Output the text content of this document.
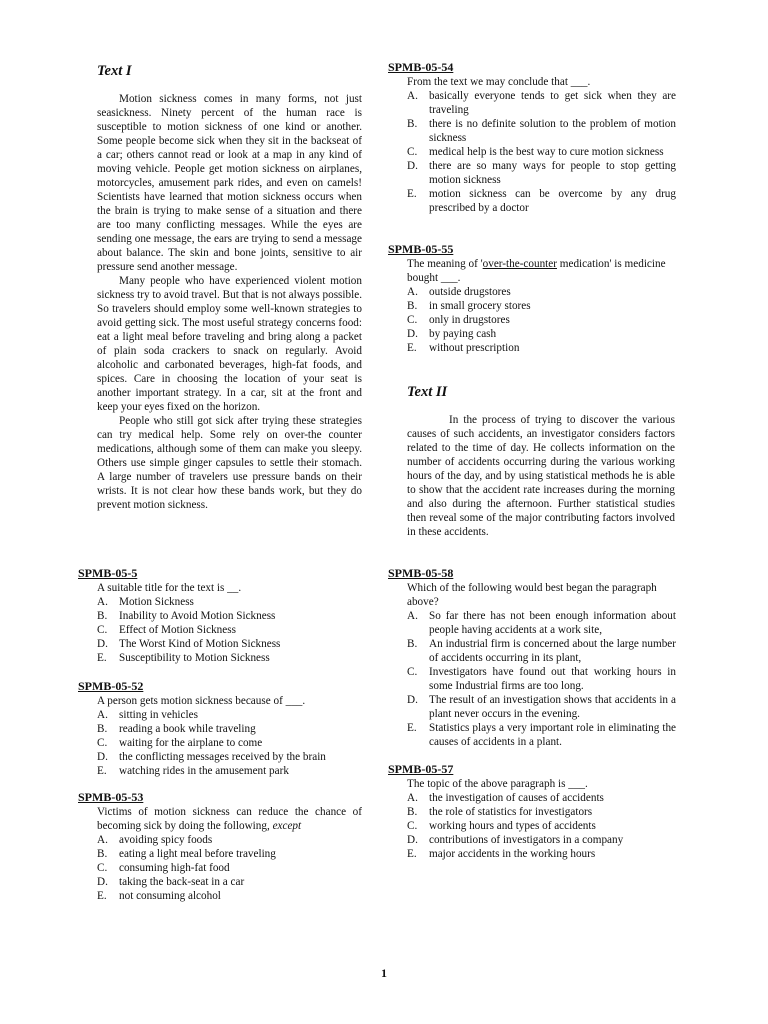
Text I

Motion sickness comes in many forms, not just seasickness. Ninety percent of the human race is susceptible to motion sickness of one kind or another. Some people become sick when they sit in the backseat of a car; others cannot read or look at a map in any kind of moving vehicle. People get motion sickness on airplanes, motorcycles, amusement park rides, and even on camels! Scientists have learned that motion sickness occurs when the brain is trying to make sense of a situation and there are too many conflicting messages. While the eyes are sending one message, the ears are trying to send a message about balance. The skin and bone joints, sensitive to air pressure send another message.

Many people who have experienced violent motion sickness try to avoid travel. But that is not always possible. So travelers should employ some well-known strategies to avoid getting sick. The most useful strategy concerns food: eat a light meal before traveling and bring along a packet of plain soda crackers to snack on regularly. Avoid alcoholic and carbonated beverages, high-fat foods, and spices. Care in choosing the location of your seat is another important strategy. In a car, sit at the front and keep your eyes fixed on the horizon.

People who still got sick after trying these strategies can try medical help. Some rely on over-the counter medications, although some of them can make you sleepy. Others use simple ginger capsules to settle their stomach. A large number of travelers use pressure bands on their wrists. It is not clear how these bands work, but they do prevent motion sickness.

SPMB-05-5
A suitable title for the text is __.
A. Motion Sickness
B.	Inability to Avoid Motion Sickness
C.	Effect of Motion Sickness
D. The Worst Kind of Motion Sickness
E.	Susceptibility to Motion Sickness
SPMB-05-52
A person gets motion sickness because of ___.
A. sitting in vehicles
B.	reading a book while traveling
C.	waiting for the airplane to come
D. the conflicting messages received by the brain
E.	watching rides in the amusement park
SPMB-05-53
Victims of motion sickness can reduce the chance of becoming sick by doing the following, except
A. avoiding spicy foods
B.	eating a light meal before traveling
C.	consuming high-fat food
D. taking the back-seat in a car
E.	not consuming alcohol
SPMB-05-54
From the text we may conclude that ___.
A. basically everyone tends to get sick when they are traveling
B.	there is no definite solution to the problem of motion sickness
C.	medical help is the best way to cure motion sickness
D. there are so many ways for people to stop getting motion sickness
E.	motion sickness can be overcome by any drug prescribed by a doctor
SPMB-05-55
The meaning of 'over-the-counter medication' is medicine bought ___.
A. outside drugstores
B.	in small grocery stores
C.	only in drugstores
D. by paying cash
E.	without prescription
Text II

In the process of trying to discover the various causes of such accidents, an investigator considers factors related to the time of day. He collects information on the number of accidents occurring during the various working hours of the day, and by using statistical methods he is able to show that the accident rate increases during the morning and also during the afternoon. Further statistical studies then reveal some of the major contributing factors involved in these accidents.

SPMB-05-58
Which of the following would best began the paragraph above?
A. So far there has not been enough information about people having accidents at a work site,
B.	An industrial firm is concerned about the large number of accidents occurring in its plant,
C.	Investigators have found out that working hours in some Industrial firms are too long.
D. The result of an investigation shows that accidents in a plant never occurs in the evening.
E.	Statistics plays a very important role in eliminating the causes of accidents in a plant.
SPMB-05-57
The topic of the above paragraph is ___.
A. the investigation of causes of accidents
B.	the role of statistics for investigators
C.	working hours and types of accidents
D. contributions of investigators in a company
E.	major accidents in the working hours
1
